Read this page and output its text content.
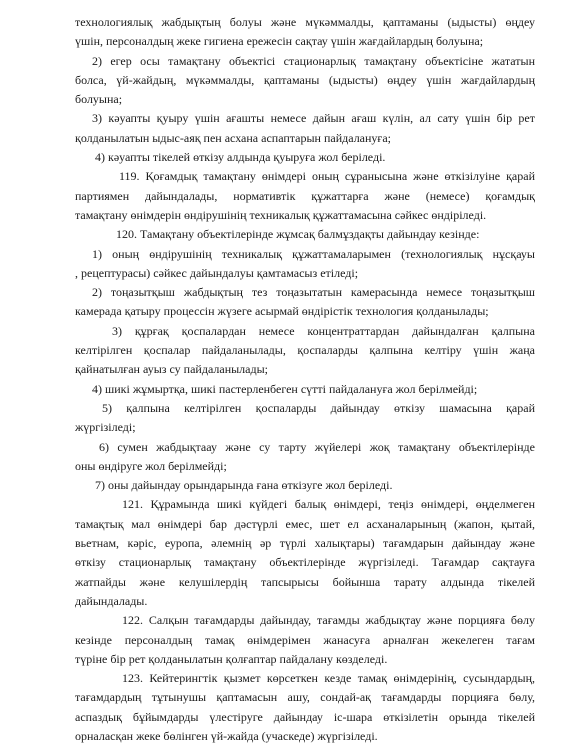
технологиялық жабдықтың болуы және мүкәммалды, қаптаманы (ыдысты) өңдеу
үшін, персоналдың жеке гигиена ережесін сақтау үшін жағдайлардың болуына;
2) егер осы тамақтану объектісі стационарлық тамақтану объектісіне жататын
болса, үй-жайдың, мүкәммалды, қаптаманы (ыдысты) өңдеу үшін жағдайлардың
болуына;
3) кәуапты қуыру үшін ағашты немесе дайын ағаш күлін, ал сату үшін бір рет
қолданылатын ыдыс-аяқ пен асхана аспаптарын пайдалануға;
4) кәуапты тікелей өткізу алдында қуыруға жол беріледі.
119. Қоғамдық тамақтану өнімдері оның сұранысына және өткізілуіне қарай
партиямен дайындалады, нормативтік құжаттарға және (немесе) қоғамдық
тамақтану өнімдерін өндірушінің техникалық құжаттамасына сәйкес өндіріледі.
120. Тамақтану объектілерінде жұмсақ балмұздақты дайындау кезінде:
1) оның өндірушінің техникалық құжаттамаларымен (технологиялық нұсқауы
, рецептурасы) сәйкес дайындалуы қамтамасыз етіледі;
2) тоңазытқыш жабдықтың тез тоңазытатын камерасында немесе тоңазытқыш
камерада қатыру процессін жүзеге асырмай өндірістік технология қолданылады;
3) құрғақ қоспалардан немесе концентраттардан дайындалған қалпына
келтірілген қоспалар пайдаланылады, қоспаларды қалпына келтіру үшін жаңа
қайнатылған ауыз су пайдаланылады;
4) шикі жұмыртқа, шикі пастерленбеген сүтті пайдалануға жол берілмейді;
5) қалпына келтірілген қоспаларды дайындау өткізу шамасына қарай
жүргізіледі;
6) сумен жабдықтаау және су тарту жүйелері жоқ тамақтану объектілерінде
оны өндіруге жол берілмейді;
7) оны дайындау орындарында ғана өткізуге жол беріледі.
121. Құрамында шикі күйдегі балық өнімдері, теңіз өнімдері, өңделмеген
тамақтық мал өнімдері бар дәстүрлі емес, шет ел асханаларының (жапон, қытай,
вьетнам, кәріс, еуропа, әлемнің әр түрлі халықтары) тағамдарын дайындау және
өткізу стационарлық тамақтану объектілерінде жүргізіледі. Тағамдар сақтауға
жатпайды және келушілердің тапсырысы бойынша тарату алдында тікелей
дайындалады.
122. Салқын тағамдарды дайындау, тағамды жабдықтау және порцияға бөлу
кезінде персоналдың тамақ өнімдерімен жанасуға арналған жекелеген тағам
түріне бір рет қолданылатын қолғаптар пайдалану көзделеді.
123. Кейтерингтік қызмет көрсеткен кезде тамақ өнімдерінің, сусындардың,
тағамдардың тұтынушы қаптамасын ашу, сондай-ақ тағамдарды порцияға бөлу,
аспаздық бұйымдарды үлестіруге дайындау іс-шара өткізілетін орында тікелей
орналасқан жеке бөлінген үй-жайда (учаскеде) жүргізіледі.
